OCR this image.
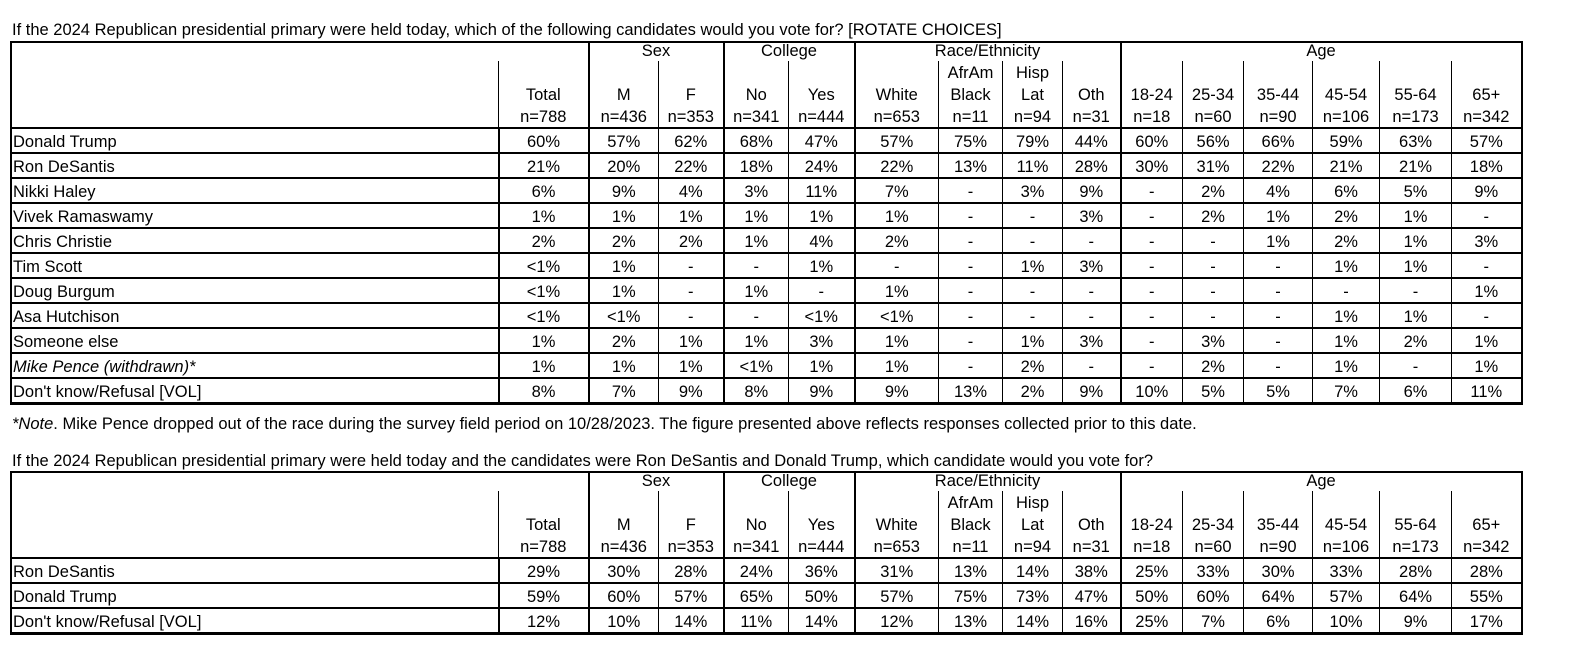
If the 2024 Republican presidential primary were held today, which of the following candidates would you vote for? [ROTATE CHOICES]
		Sex		College		Race/Ethnicity				Age					
							AfrAm	Hisp							
	Total	M	F	No	Yes	White	Black	Lat	Oth	18-24	25-34	35-44	45-54	55-64	65+
	n=788	n=436	n=353	n=341	n=444	n=653	n=11	n=94	n=31	n=18	n=60	n=90	n=106	n=173	n=342
Donald Trump	60%	57%	62%	68%	47%	57%	75%	79%	44%	60%	56%	66%	59%	63%	57%
Ron DeSantis	21%	20%	22%	18%	24%	22%	13%	11%	28%	30%	31%	22%	21%	21%	18%
Nikki Haley	6%	9%	4%	3%	11%	7%	-	3%	9%	-	2%	4%	6%	5%	9%
Vivek Ramaswamy	1%	1%	1%	1%	1%	1%	-	-	3%	-	2%	1%	2%	1%	-
Chris Christie	2%	2%	2%	1%	4%	2%	-	-	-	-	-	1%	2%	1%	3%
Tim Scott	<1%	1%	-	-	1%	-	-	1%	3%	-	-	-	1%	1%	-
Doug Burgum	<1%	1%	-	1%	-	1%	-	-	-	-	-	-	-	-	1%
Asa Hutchison	<1%	<1%	-	-	<1%	<1%	-	-	-	-	-	-	1%	1%	-
Someone else	1%	2%	1%	1%	3%	1%	-	1%	3%	-	3%	-	1%	2%	1%
Mike Pence (withdrawn)*	1%	1%	1%	<1%	1%	1%	-	2%	-	-	2%	-	1%	-	1%
Don't know/Refusal [VOL]	8%	7%	9%	8%	9%	9%	13%	2%	9%	10%	5%	5%	7%	6%	11%
*Note. Mike Pence dropped out of the race during the survey field period on 10/28/2023. The figure presented above reflects responses collected prior to this date.
If the 2024 Republican presidential primary were held today and the candidates were Ron DeSantis and Donald Trump, which candidate would you vote for?
		Sex		College		Race/Ethnicity				Age					
							AfrAm	Hisp							
	Total	M	F	No	Yes	White	Black	Lat	Oth	18-24	25-34	35-44	45-54	55-64	65+
	n=788	n=436	n=353	n=341	n=444	n=653	n=11	n=94	n=31	n=18	n=60	n=90	n=106	n=173	n=342
Ron DeSantis	29%	30%	28%	24%	36%	31%	13%	14%	38%	25%	33%	30%	33%	28%	28%
Donald Trump	59%	60%	57%	65%	50%	57%	75%	73%	47%	50%	60%	64%	57%	64%	55%
Don't know/Refusal [VOL]	12%	10%	14%	11%	14%	12%	13%	14%	16%	25%	7%	6%	10%	9%	17%
